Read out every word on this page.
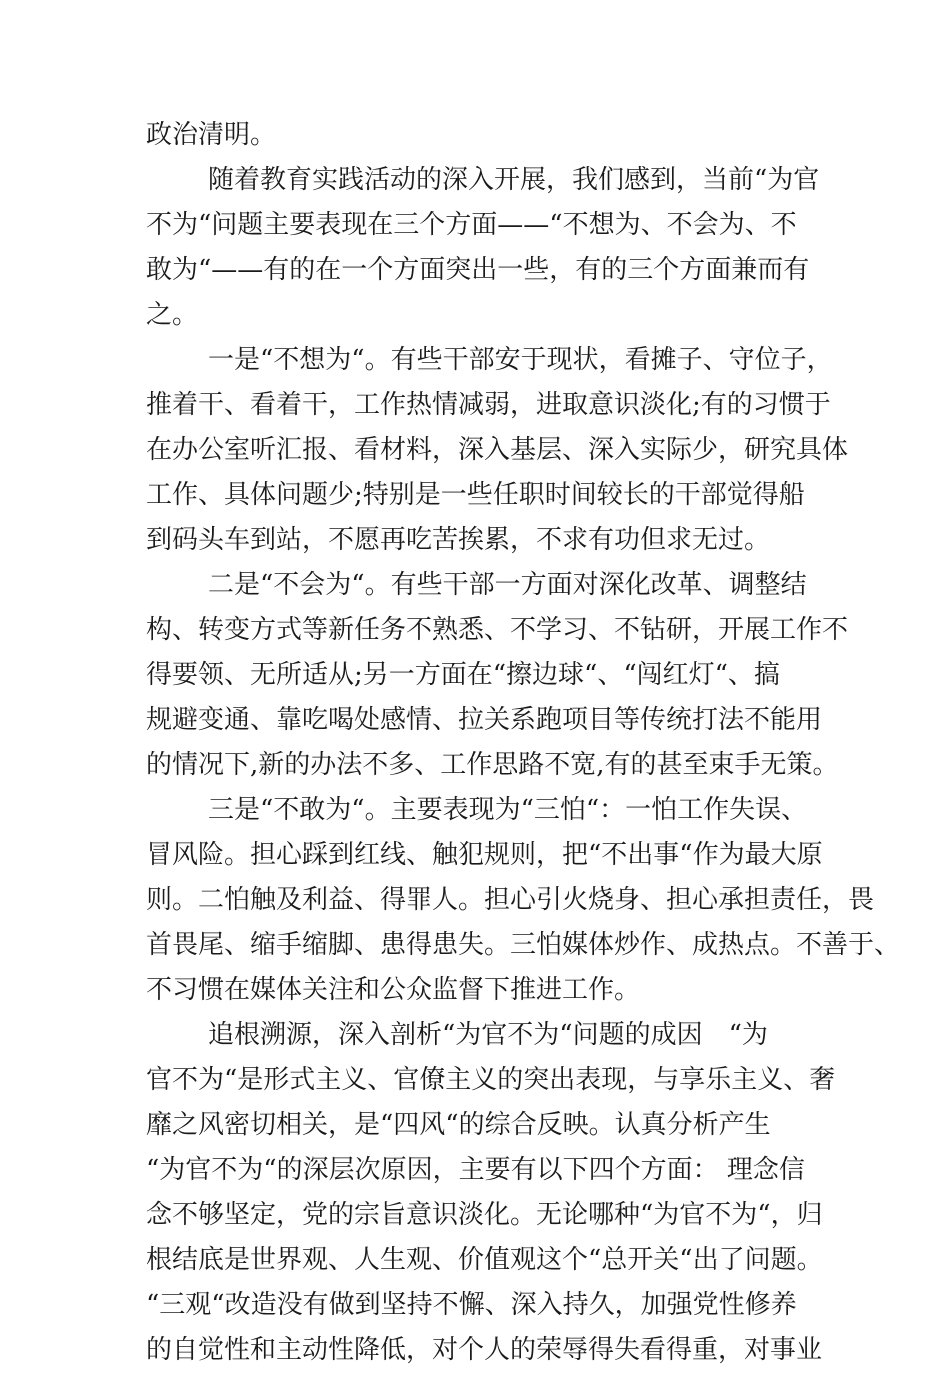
政治清明。
随着教育实践活动的深入开展，我们感到，当前“为官
不为“问题主要表现在三个方面——“不想为、不会为、不
敢为“——有的在一个方面突出一些，有的三个方面兼而有
之。
一是“不想为“。有些干部安于现状，看摊子、守位子，
推着干、看着干，工作热情减弱，进取意识淡化;有的习惯于
在办公室听汇报、看材料，深入基层、深入实际少，研究具体
工作、具体问题少;特别是一些任职时间较长的干部觉得船
到码头车到站，不愿再吃苦挨累，不求有功但求无过。
二是“不会为“。有些干部一方面对深化改革、调整结
构、转变方式等新任务不熟悉、不学习、不钻研，开展工作不
得要领、无所适从;另一方面在“擦边球“、“闯红灯“、搞
规避变通、靠吃喝处感情、拉关系跑项目等传统打法不能用
的情况下,新的办法不多、工作思路不宽,有的甚至束手无策。
三是“不敢为“。主要表现为“三怕“：一怕工作失误、
冒风险。担心踩到红线、触犯规则，把“不出事“作为最大原
则。二怕触及利益、得罪人。担心引火烧身、担心承担责任，畏
首畏尾、缩手缩脚、患得患失。三怕媒体炒作、成热点。不善于、
不习惯在媒体关注和公众监督下推进工作。
追根溯源，深入剖析“为官不为“问题的成因　“为
官不为“是形式主义、官僚主义的突出表现，与享乐主义、奢
靡之风密切相关，是“四风“的综合反映。认真分析产生
“为官不为“的深层次原因，主要有以下四个方面： 理念信
念不够坚定，党的宗旨意识淡化。无论哪种“为官不为“，归
根结底是世界观、人生观、价值观这个“总开关“出了问题。
“三观“改造没有做到坚持不懈、深入持久，加强党性修养
的自觉性和主动性降低，对个人的荣辱得失看得重，对事业
